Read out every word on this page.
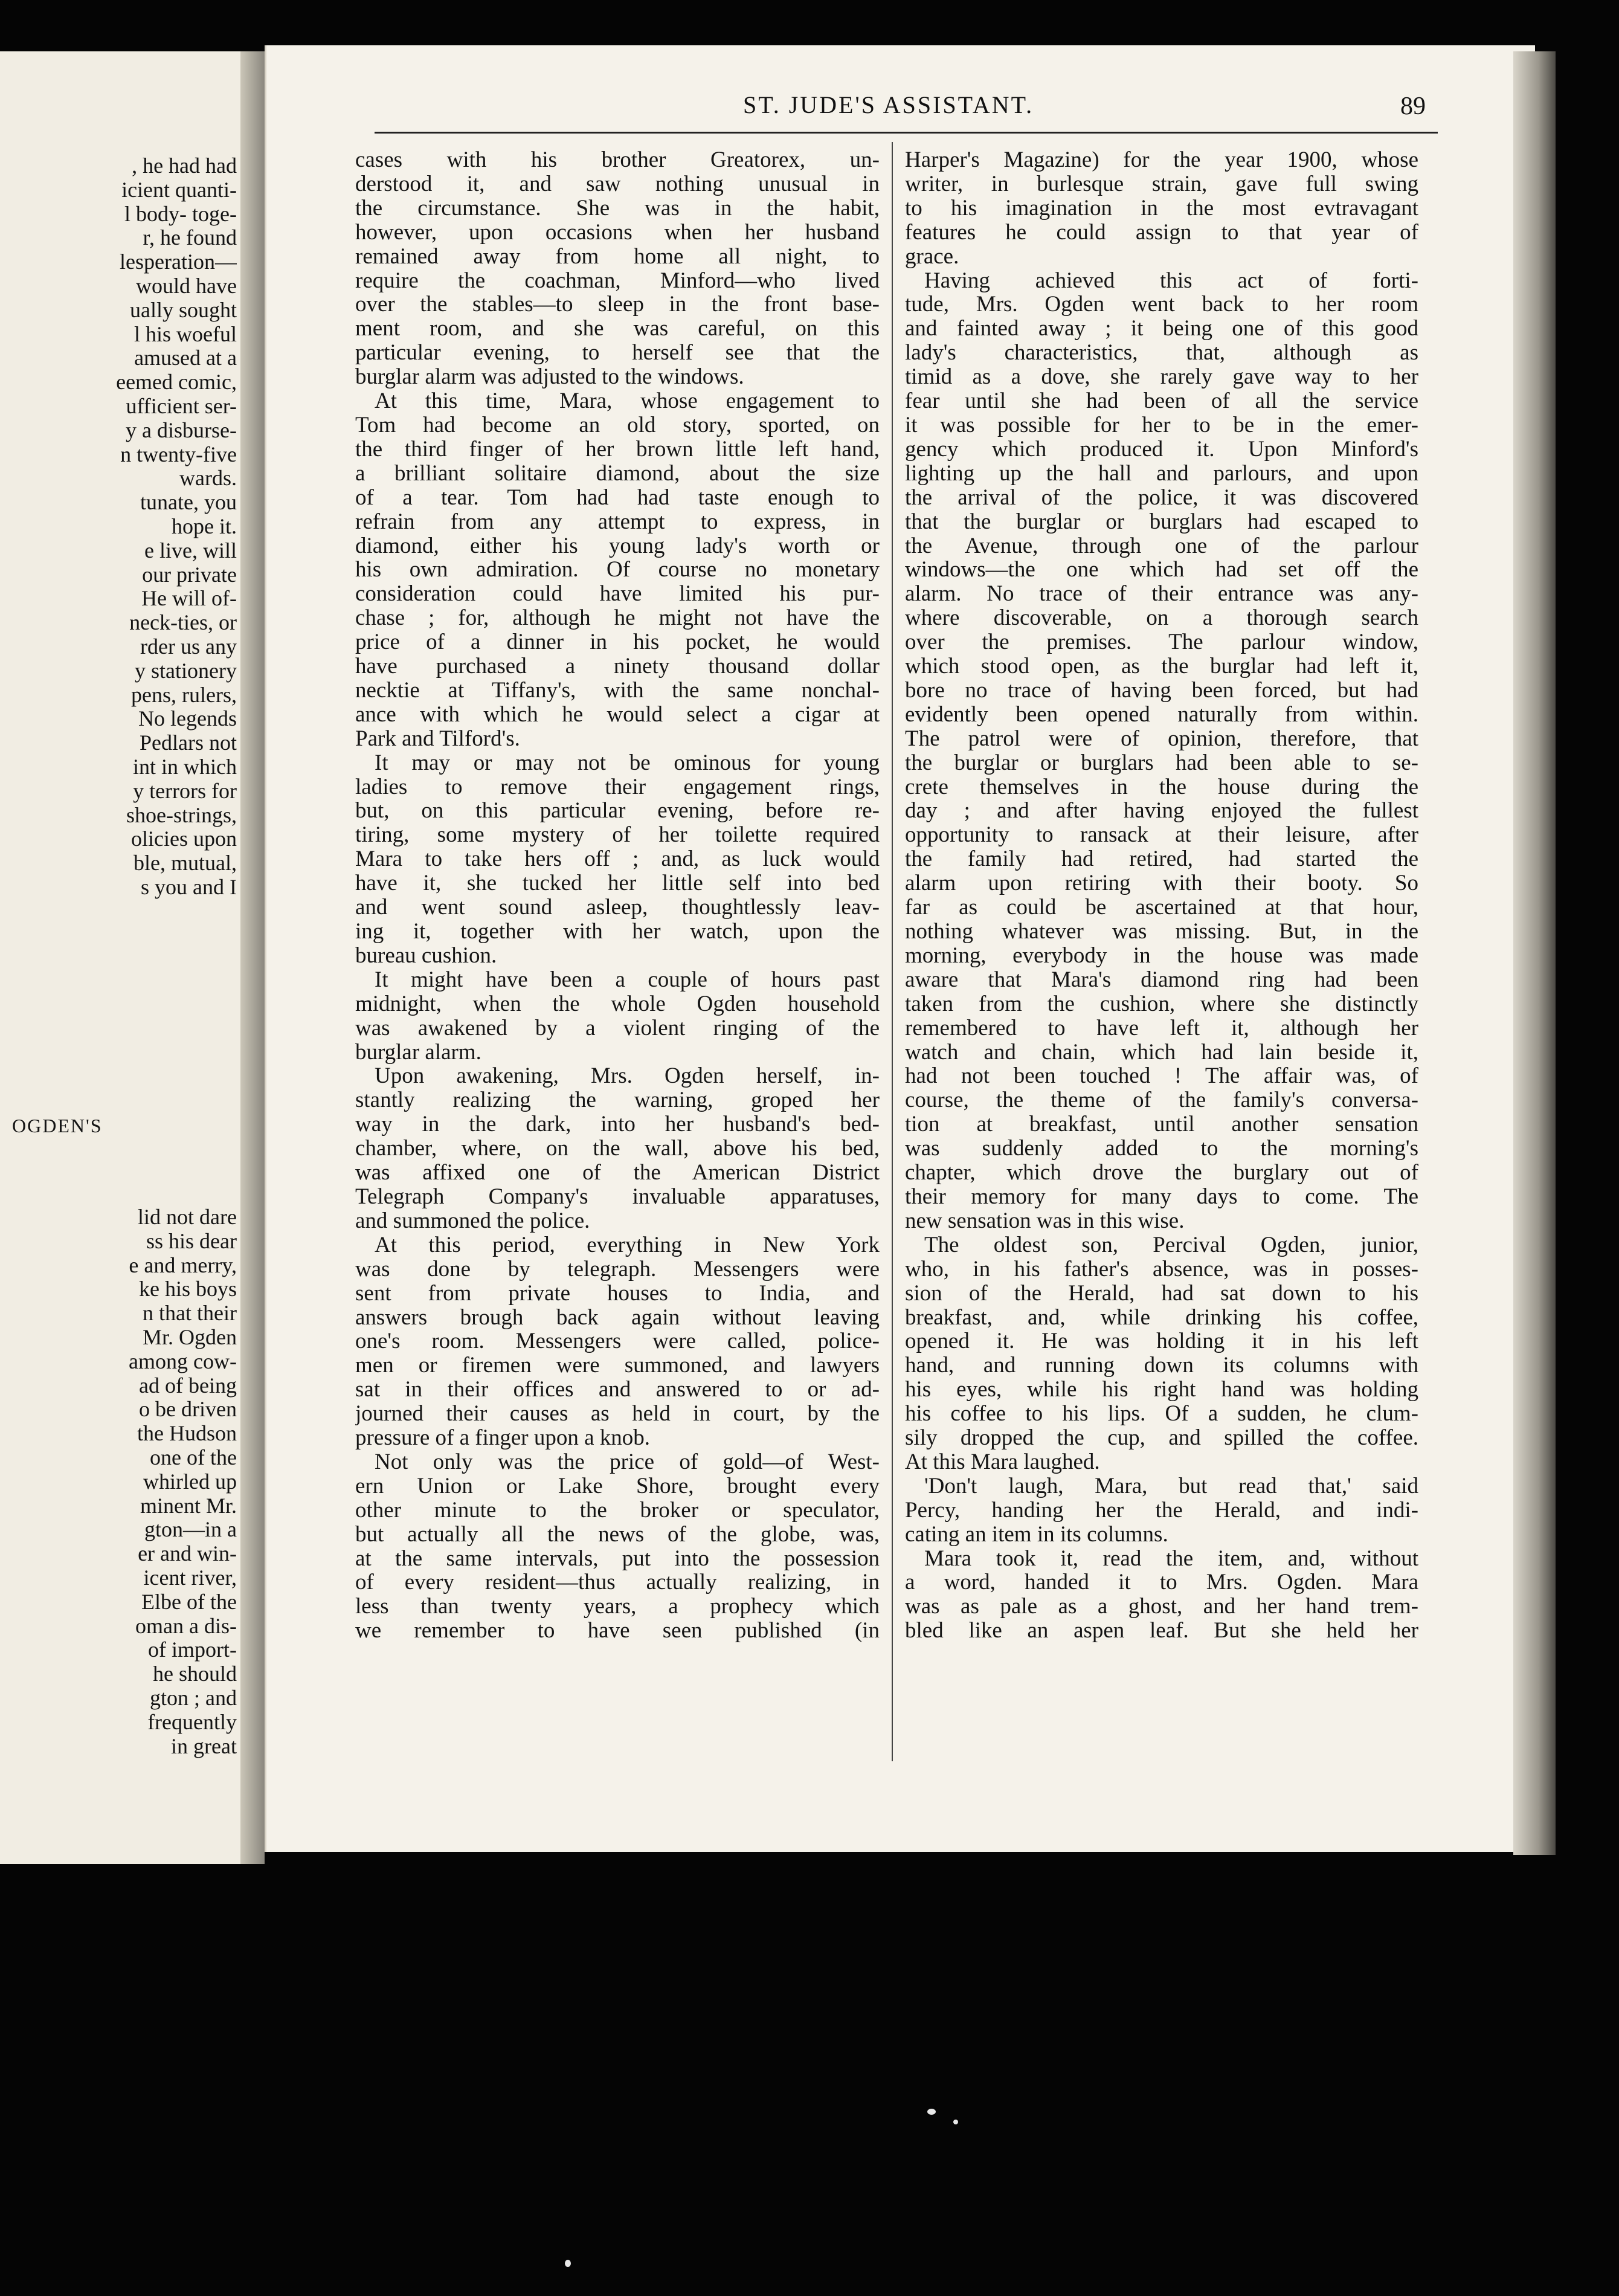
, he had had
icient quanti-
l body- toge-
r, he found
lesperation—
would have
ually sought
l his woeful
amused at a
eemed comic,
ufficient ser-
y a disburse-
n twenty-five
wards.
tunate, you
hope it.
e live, will
our private
He will of-
neck-ties, or
rder us any
y stationery
pens, rulers,
No legends
Pedlars not
int in which
y terrors for
shoe-strings,
olicies upon
ble, mutual,
s you and I
OGDEN'S
lid not dare
ss his dear
e and merry,
ke his boys
n that their
Mr. Ogden
among cow-
ad of being
o be driven
the Hudson
one of the
whirled up
minent Mr.
gton—in a
er and win-
icent river,
Elbe of the
oman a dis-
of import-
he should
gton ; and
frequently
in great
ST. JUDE'S ASSISTANT.	89
cases with his brother Greatorex, un-
derstood it, and saw nothing unusual in
the circumstance. She was in the habit,
however, upon occasions when her husband
remained away from home all night, to
require the coachman, Minford—who lived
over the stables—to sleep in the front base-
ment room, and she was careful, on this
particular evening, to herself see that the
burglar alarm was adjusted to the windows.
At this time, Mara, whose engagement to
Tom had become an old story, sported, on
the third finger of her brown little left hand,
a brilliant solitaire diamond, about the size
of a tear. Tom had had taste enough to
refrain from any attempt to express, in
diamond, either his young lady's worth or
his own admiration. Of course no monetary
consideration could have limited his pur-
chase ; for, although he might not have the
price of a dinner in his pocket, he would
have purchased a ninety thousand dollar
necktie at Tiffany's, with the same nonchal-
ance with which he would select a cigar at
Park and Tilford's.
It may or may not be ominous for young
ladies to remove their engagement rings,
but, on this particular evening, before re-
tiring, some mystery of her toilette required
Mara to take hers off ; and, as luck would
have it, she tucked her little self into bed
and went sound asleep, thoughtlessly leav-
ing it, together with her watch, upon the
bureau cushion.
It might have been a couple of hours past
midnight, when the whole Ogden household
was awakened by a violent ringing of the
burglar alarm.
Upon awakening, Mrs. Ogden herself, in-
stantly realizing the warning, groped her
way in the dark, into her husband's bed-
chamber, where, on the wall, above his bed,
was affixed one of the American District
Telegraph Company's invaluable apparatuses,
and summoned the police.
At this period, everything in New York
was done by telegraph. Messengers were
sent from private houses to India, and
answers brough back again without leaving
one's room. Messengers were called, police-
men or firemen were summoned, and lawyers
sat in their offices and answered to or ad-
journed their causes as held in court, by the
pressure of a finger upon a knob.
Not only was the price of gold—of West-
ern Union or Lake Shore, brought every
other minute to the broker or speculator,
but actually all the news of the globe, was,
at the same intervals, put into the possession
of every resident—thus actually realizing, in
less than twenty years, a prophecy which
we remember to have seen published (in
Harper's Magazine) for the year 1900, whose
writer, in burlesque strain, gave full swing
to his imagination in the most evtravagant
features he could assign to that year of
grace.
Having achieved this act of forti-
tude, Mrs. Ogden went back to her room
and fainted away ; it being one of this good
lady's characteristics, that, although as
timid as a dove, she rarely gave way to her
fear until she had been of all the service
it was possible for her to be in the emer-
gency which produced it. Upon Minford's
lighting up the hall and parlours, and upon
the arrival of the police, it was discovered
that the burglar or burglars had escaped to
the Avenue, through one of the parlour
windows—the one which had set off the
alarm. No trace of their entrance was any-
where discoverable, on a thorough search
over the premises. The parlour window,
which stood open, as the burglar had left it,
bore no trace of having been forced, but had
evidently been opened naturally from within.
The patrol were of opinion, therefore, that
the burglar or burglars had been able to se-
crete themselves in the house during the
day ; and after having enjoyed the fullest
opportunity to ransack at their leisure, after
the family had retired, had started the
alarm upon retiring with their booty. So
far as could be ascertained at that hour,
nothing whatever was missing. But, in the
morning, everybody in the house was made
aware that Mara's diamond ring had been
taken from the cushion, where she distinctly
remembered to have left it, although her
watch and chain, which had lain beside it,
had not been touched ! The affair was, of
course, the theme of the family's conversa-
tion at breakfast, until another sensation
was suddenly added to the morning's
chapter, which drove the burglary out of
their memory for many days to come. The
new sensation was in this wise.
The oldest son, Percival Ogden, junior,
who, in his father's absence, was in posses-
sion of the Herald, had sat down to his
breakfast, and, while drinking his coffee,
opened it. He was holding it in his left
hand, and running down its columns with
his eyes, while his right hand was holding
his coffee to his lips. Of a sudden, he clum-
sily dropped the cup, and spilled the coffee.
At this Mara laughed.
'Don't laugh, Mara, but read that,' said
Percy, handing her the Herald, and indi-
cating an item in its columns.
Mara took it, read the item, and, without
a word, handed it to Mrs. Ogden. Mara
was as pale as a ghost, and her hand trem-
bled like an aspen leaf. But she held her
